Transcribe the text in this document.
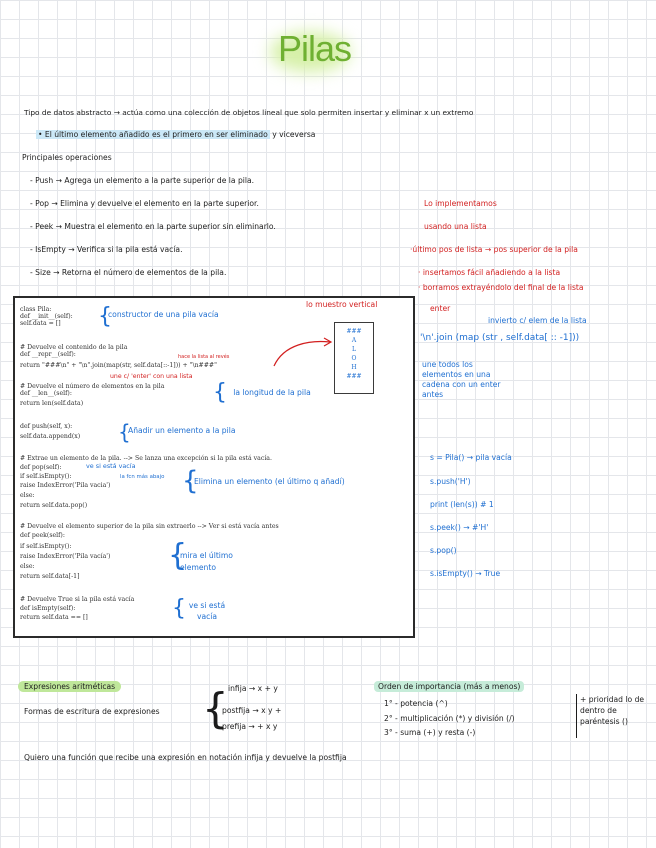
Pilas
Tipo de datos abstracto → actúa como una colección de objetos lineal que solo permiten insertar y eliminar x un extremo
• El último elemento añadido es el primero en ser eliminado y viceversa
Principales operaciones
- Push → Agrega un elemento a la parte superior de la pila.
- Pop → Elimina y devuelve el elemento en la parte superior.
- Peek → Muestra el elemento en la parte superior sin eliminarlo.
- IsEmpty → Verifica si la pila está vacía.
- Size → Retorna el número de elementos de la pila.
Lo implementamos
usando una lista
·último pos de lista → pos superior de la pila
· insertamos fácil añadiendo a la lista
· borramos extrayéndolo del final de la lista
class Pila:
def __init__(self):
self.data = []
# Devuelve el contenido de la pila
def __repr__(self):
return "###\n" + "\n".join(map(str, self.data[::-1])) + "\n###"
# Devuelve el número de elementos en la pila
def __len__(self):
return len(self.data)
def push(self, x):
self.data.append(x)
# Extrae un elemento de la pila. --> Se lanza una excepción si la pila está vacía.
def pop(self):
if self.isEmpty():
raise IndexError('Pila vacia')
else:
return self.data.pop()
# Devuelve el elemento superior de la pila sin extraerlo --> Ver si está vacía antes
def peek(self):
if self.isEmpty():
raise IndexError('Pila vacía')
else:
return self.data[-1]
# Devuelve True si la pila está vacía
def isEmpty(self):
return self.data == []
{
constructor de una pila vacía
lo muestro vertical
###
A
L
O
H
###
hace la lista al revés
une c/ 'enter' con una lista
{ la longitud de la pila
{
Añadir un elemento a la pila
ve si está vacía
la fcn más abajo {
Elimina un elemento (el último q añadí)
{
mira el último elemento
{ ve si está vacía
enter
invierto c/ elem de la lista
'\n'.join (map (str , self.data[ :: -1]))
une todos los elementos en una cadena con un enter antes
s = Pila() → pila vacía
s.push('H')
print (len(s)) # 1
s.peek() → #'H'
s.pop()
s.isEmpty() → True
Expresiones aritméticas
Formas de escritura de expresiones { infija → x + y
postfija → x y +
prefija → + x y
Orden de importancia (más a menos)
1° - potencia (^)
2° - multiplicación (*) y división (/)
3° - suma (+) y resta (-)
+ prioridad lo de dentro de paréntesis ()
Quiero una función que recibe una expresión en notación infija y devuelve la postfija
